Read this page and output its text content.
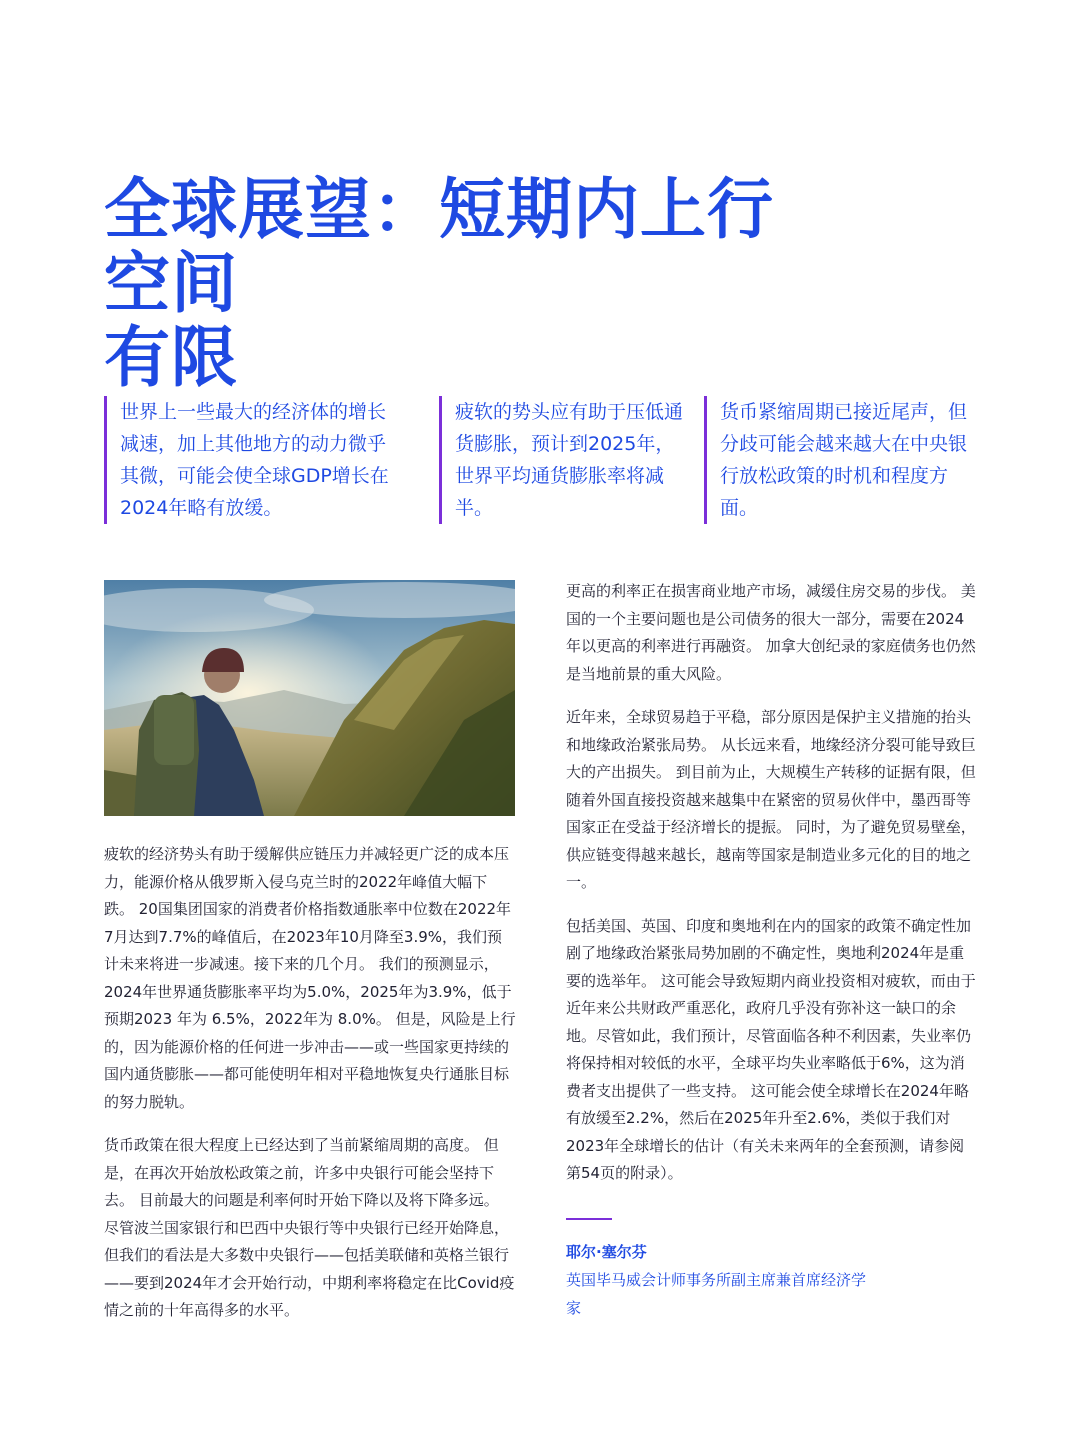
全球展望：短期内上行空间
有限

世界上一些最大的经济体的增长减速，加上其他地方的动力微乎其微，可能会使全球GDP增长在2024年略有放缓。

疲软的势头应有助于压低通货膨胀，预计到2025年，世界平均通货膨胀率将减半。

货币紧缩周期已接近尾声，但分歧可能会越来越大在中央银行放松政策的时机和程度方面。

疲软的经济势头有助于缓解供应链压力并减轻更广泛的成本压力，能源价格从俄罗斯入侵乌克兰时的2022年峰值大幅下跌。 20国集团国家的消费者价格指数通胀率中位数在2022年7月达到7.7%的峰值后，在2023年10月降至3.9%，我们预计未来将进一步减速。接下来的几个月。 我们的预测显示，2024年世界通货膨胀率平均为5.0%，2025年为3.9%，低于预期2023 年为 6.5%，2022年为 8.0%。 但是，风险是上行的，因为能源价格的任何进一步冲击——或一些国家更持续的国内通货膨胀——都可能使明年相对平稳地恢复央行通胀目标的努力脱轨。

货币政策在很大程度上已经达到了当前紧缩周期的高度。 但是，在再次开始放松政策之前，许多中央银行可能会坚持下去。 目前最大的问题是利率何时开始下降以及将下降多远。 尽管波兰国家银行和巴西中央银行等中央银行已经开始降息，但我们的看法是大多数中央银行——包括美联储和英格兰银行——要到2024年才会开始行动，中期利率将稳定在比Covid疫情之前的十年高得多的水平。

更高的利率正在损害商业地产市场，减缓住房交易的步伐。 美国的一个主要问题也是公司债务的很大一部分，需要在2024年以更高的利率进行再融资。 加拿大创纪录的家庭债务也仍然是当地前景的重大风险。

近年来，全球贸易趋于平稳，部分原因是保护主义措施的抬头和地缘政治紧张局势。 从长远来看，地缘经济分裂可能导致巨大的产出损失。 到目前为止，大规模生产转移的证据有限，但随着外国直接投资越来越集中在紧密的贸易伙伴中，墨西哥等国家正在受益于经济增长的提振。 同时，为了避免贸易壁垒，供应链变得越来越长，越南等国家是制造业多元化的目的地之一。

包括美国、英国、印度和奥地利在内的国家的政策不确定性加剧了地缘政治紧张局势加剧的不确定性，奥地利2024年是重要的选举年。 这可能会导致短期内商业投资相对疲软，而由于近年来公共财政严重恶化，政府几乎没有弥补这一缺口的余地。尽管如此，我们预计，尽管面临各种不利因素，失业率仍将保持相对较低的水平，全球平均失业率略低于6%，这为消费者支出提供了一些支持。 这可能会使全球增长在2024年略有放缓至2.2%，然后在2025年升至2.6%，类似于我们对2023年全球增长的估计（有关未来两年的全套预测，请参阅第54页的附录）。

耶尔·塞尔芬
英国毕马威会计师事务所副主席兼首席经济学家
